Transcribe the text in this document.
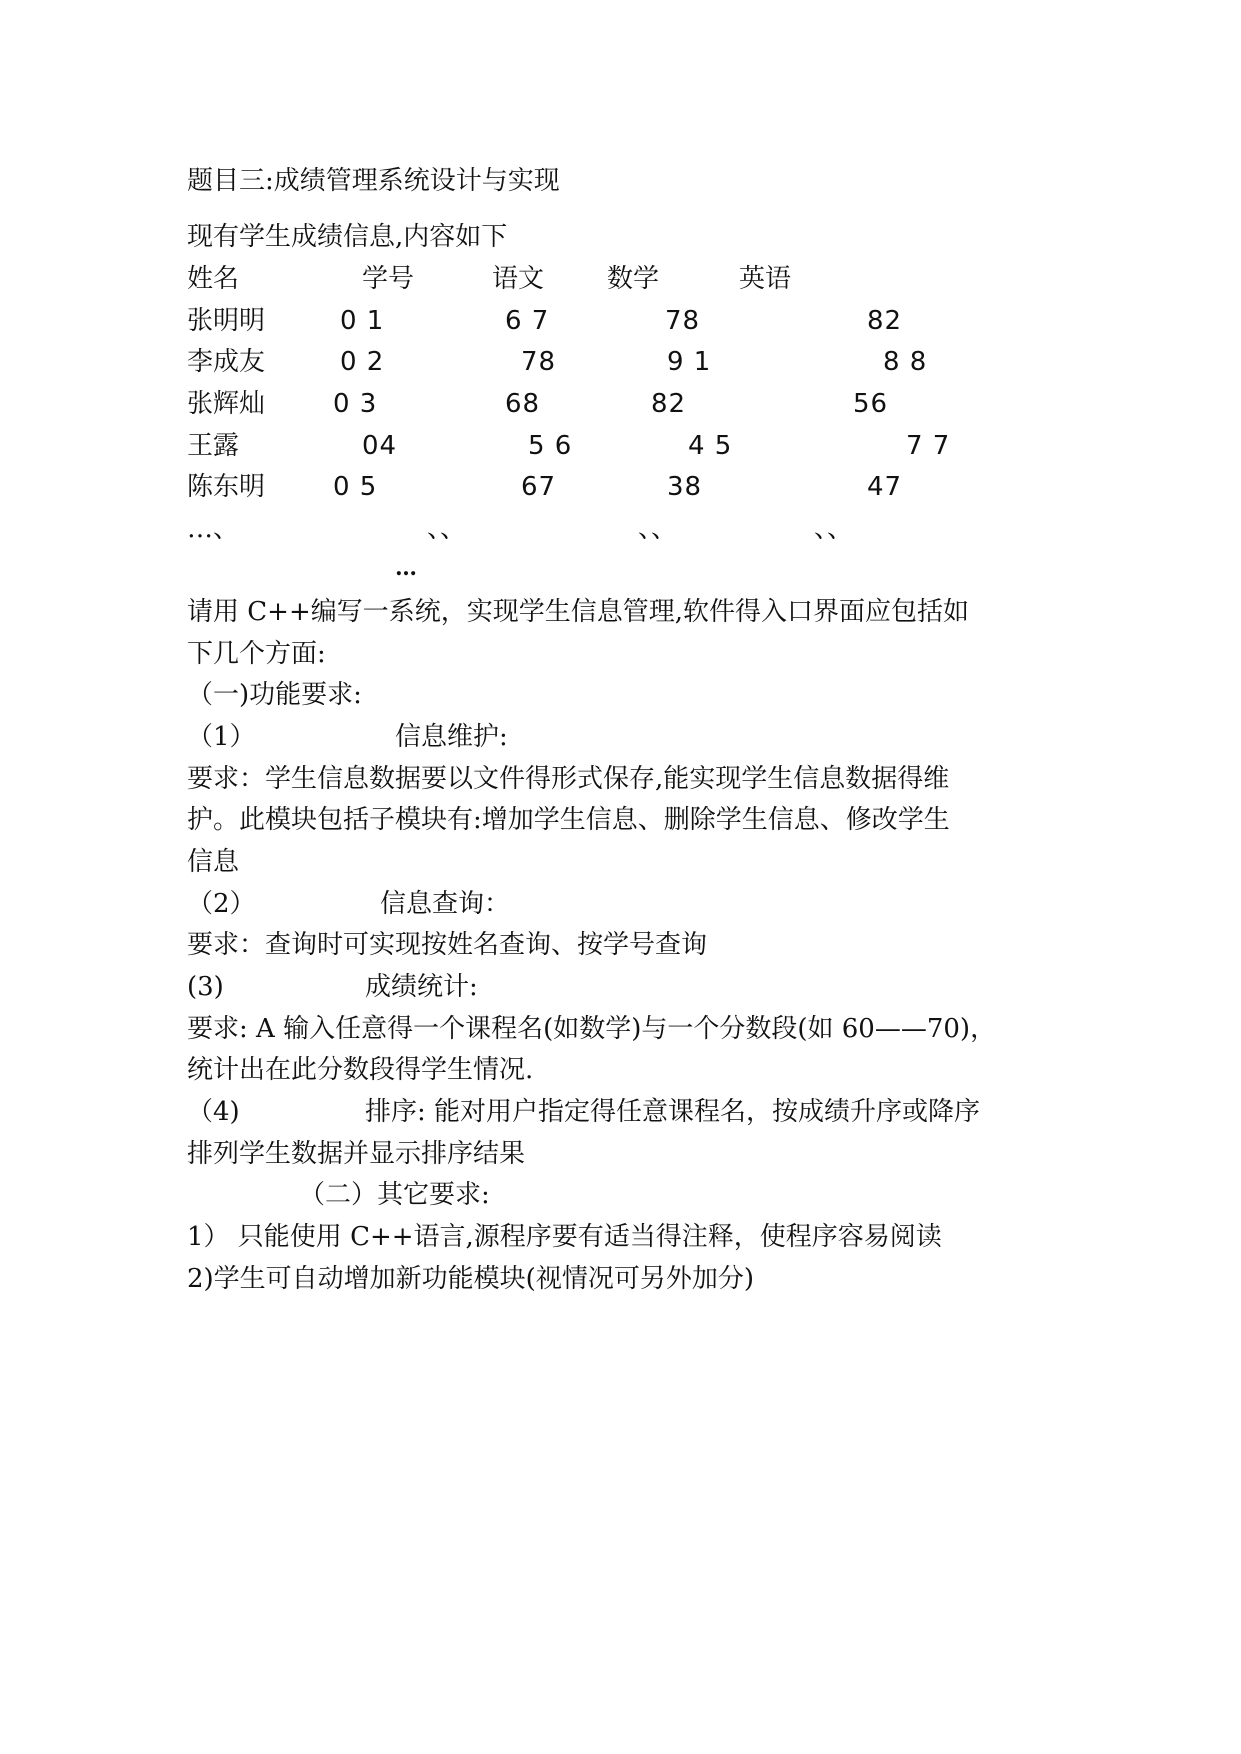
题目三:成绩管理系统设计与实现
现有学生成绩信息,内容如下
姓名	学号	语文 数学	英语
张明明	0 1	6 7	78	82
李成友	0 2	78	9 1	8 8
张辉灿	0 3	68	82	56
王露	04	5 6	4 5	7 7
陈东明	0 5	67	38	47
…、	、、	、、	、、
…
请用 C++编写一系统，实现学生信息管理,软件得入口界面应包括如
下几个方面:
（一)功能要求:
（1）	信息维护:
要求：学生信息数据要以文件得形式保存,能实现学生信息数据得维
护。此模块包括子模块有:增加学生信息、删除学生信息、修改学生
信息
（2）	信息查询：
要求：查询时可实现按姓名查询、按学号查询
(3)	成绩统计:
要求: A 输入任意得一个课程名(如数学)与一个分数段(如 60——70)，
统计出在此分数段得学生情况.
（4)	排序: 能对用户指定得任意课程名，按成绩升序或降序
排列学生数据并显示排序结果
（二）其它要求:
1） 只能使用 C++语言,源程序要有适当得注释，使程序容易阅读
2)学生可自动增加新功能模块(视情况可另外加分)
